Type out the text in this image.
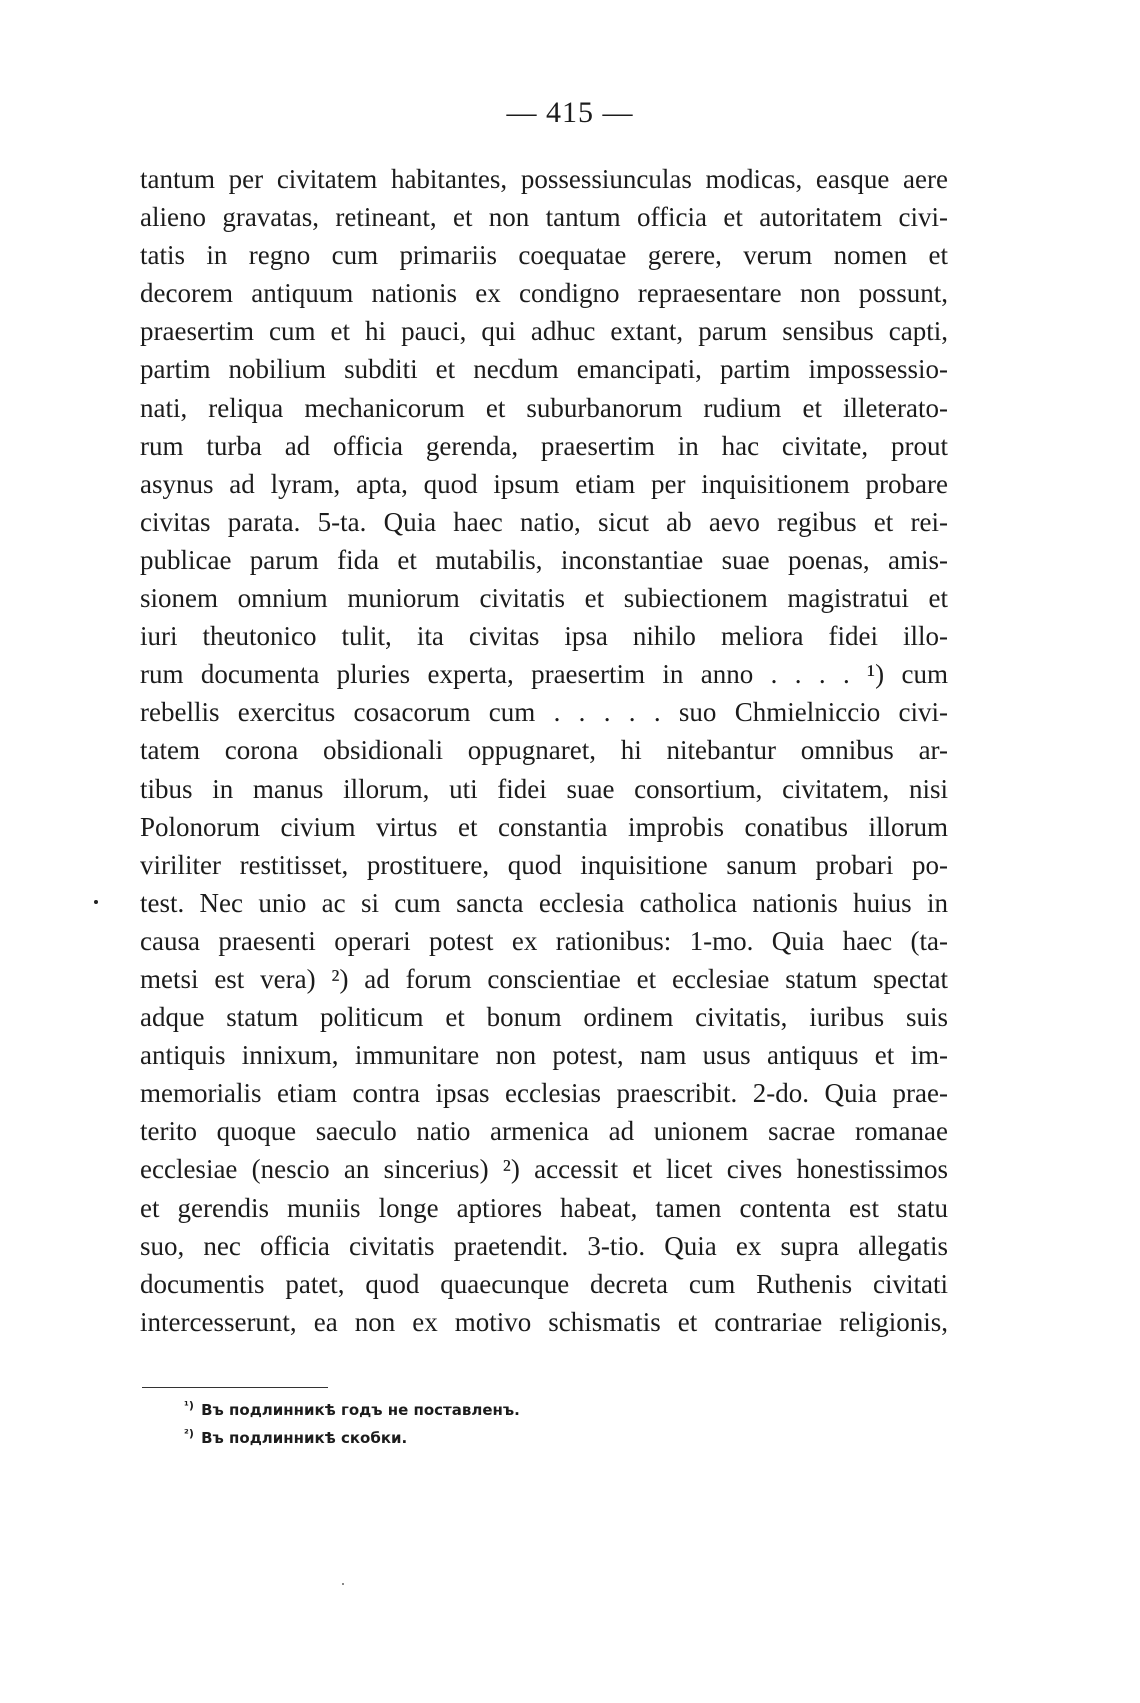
— 415 —
tantum per civitatem habitantes, possessiunculas modicas, easque aere
alieno gravatas, retineant, et non tantum officia et autoritatem civi-
tatis in regno cum primariis coequatae gerere, verum nomen et
decorem antiquum nationis ex condigno repraesentare non possunt,
praesertim cum et hi pauci, qui adhuc extant, parum sensibus capti,
partim nobilium subditi et necdum emancipati, partim impossessio-
nati, reliqua mechanicorum et suburbanorum rudium et illeterato-
rum turba ad officia gerenda, praesertim in hac civitate, prout
asynus ad lyram, apta, quod ipsum etiam per inquisitionem probare
civitas parata. 5-ta. Quia haec natio, sicut ab aevo regibus et rei-
publicae parum fida et mutabilis, inconstantiae suae poenas, amis-
sionem omnium muniorum civitatis et subiectionem magistratui et
iuri theutonico tulit, ita civitas ipsa nihilo meliora fidei illo-
rum documenta pluries experta, praesertim in anno . . . . ¹) cum
rebellis exercitus cosacorum cum . . . . . suo Chmielniccio civi-
tatem corona obsidionali oppugnaret, hi nitebantur omnibus ar-
tibus in manus illorum, uti fidei suae consortium, civitatem, nisi
Polonorum civium virtus et constantia improbis conatibus illorum
viriliter restitisset, prostituere, quod inquisitione sanum probari po-
test. Nec unio ac si cum sancta ecclesia catholica nationis huius in
causa praesenti operari potest ex rationibus: 1-mo. Quia haec (ta-
metsi est vera) ²) ad forum conscientiae et ecclesiae statum spectat
adque statum politicum et bonum ordinem civitatis, iuribus suis
antiquis innixum, immunitare non potest, nam usus antiquus et im-
memorialis etiam contra ipsas ecclesias praescribit. 2-do. Quia prae-
terito quoque saeculo natio armenica ad unionem sacrae romanae
ecclesiae (nescio an sincerius) ²) accessit et licet cives honestissimos
et gerendis muniis longe aptiores habeat, tamen contenta est statu
suo, nec officia civitatis praetendit. 3-tio. Quia ex supra allegatis
documentis patet, quod quaecunque decreta cum Ruthenis civitati
intercesserunt, ea non ex motivo schismatis et contrariae religionis,
$^{^1)}$ Въ подлинникѣ годъ не поставленъ.
$^{^2)}$ Въ подлинникѣ скобки.
